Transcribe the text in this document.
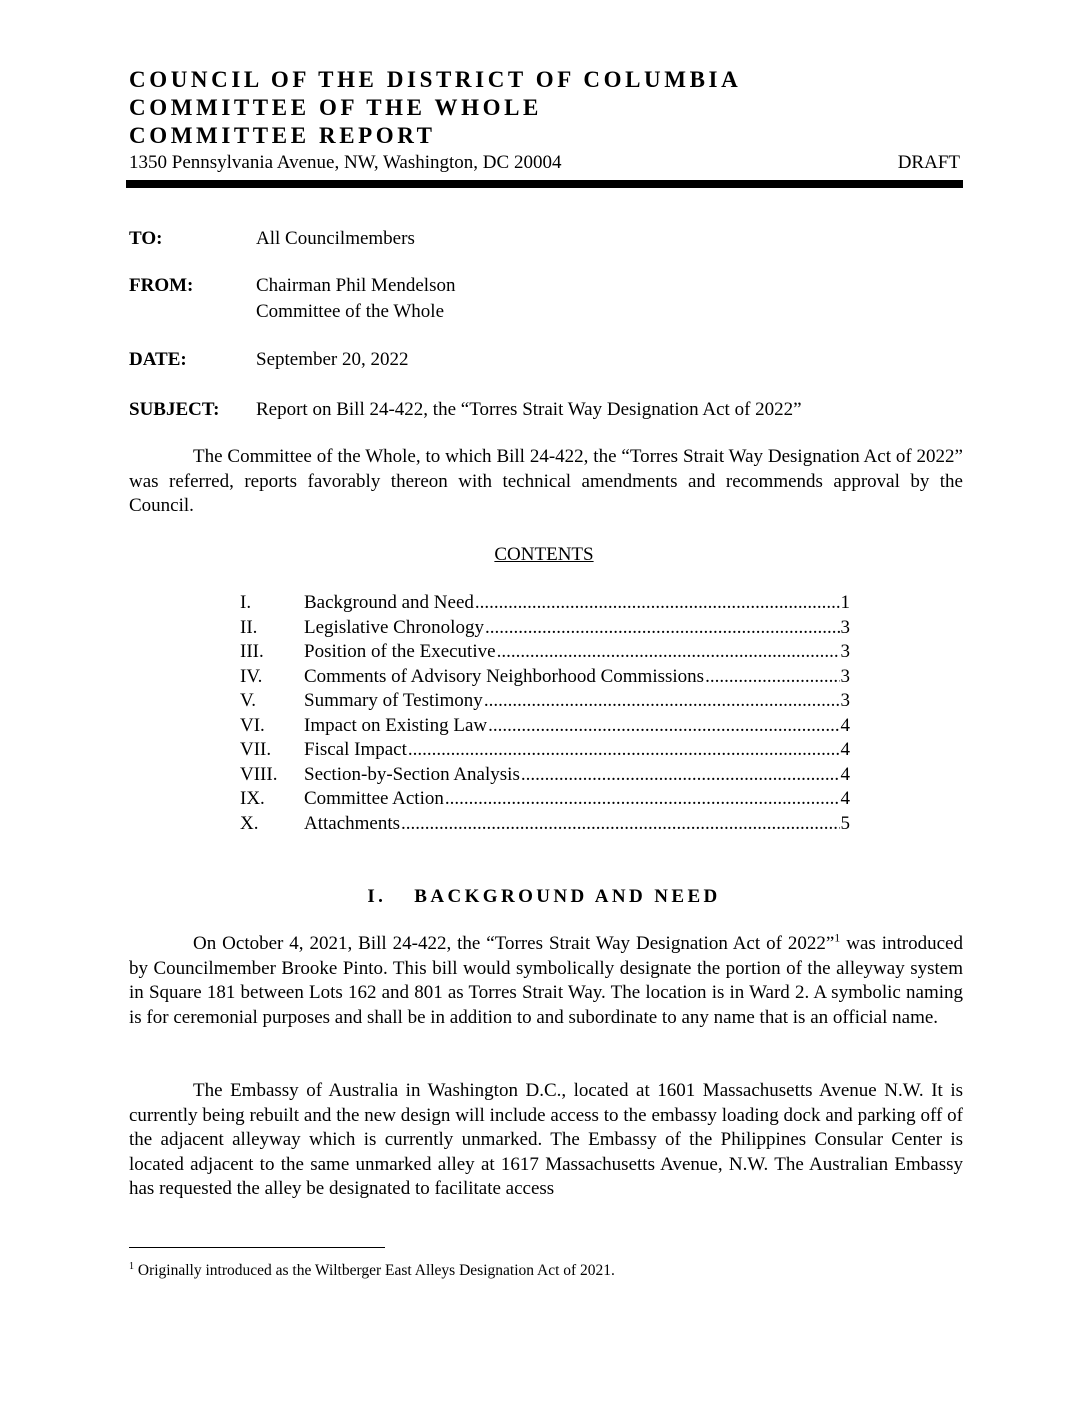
COUNCIL OF THE DISTRICT OF COLUMBIA
COMMITTEE OF THE WHOLE
COMMITTEE REPORT
1350 Pennsylvania Avenue, NW, Washington, DC 20004	DRAFT
TO:	All Councilmembers
FROM:	Chairman Phil Mendelson
Committee of the Whole
DATE:	September 20, 2022
SUBJECT: Report on Bill 24-422, the “Torres Strait Way Designation Act of 2022”
The Committee of the Whole, to which Bill 24-422, the “Torres Strait Way Designation Act of 2022” was referred, reports favorably thereon with technical amendments and recommends approval by the Council.
CONTENTS
I.	Background and Need .....	1
II. Legislative Chronology .....	3
III. Position of the Executive .....	3
IV. Comments of Advisory Neighborhood Commissions .....	3
V.	Summary of Testimony .....	3
VI. Impact on Existing Law .....	4
VII. Fiscal Impact .....	4
VIII. Section-by-Section Analysis .....	4
IX. Committee Action .....	4
X. Attachments .....	5
I. BACKGROUND AND NEED
On October 4, 2021, Bill 24-422, the “Torres Strait Way Designation Act of 2022”$^1$ was introduced by Councilmember Brooke Pinto. This bill would symbolically designate the portion of the alleyway system in Square 181 between Lots 162 and 801 as Torres Strait Way. The location is in Ward 2. A symbolic naming is for ceremonial purposes and shall be in addition to and subordinate to any name that is an official name.
The Embassy of Australia in Washington D.C., located at 1601 Massachusetts Avenue N.W. It is currently being rebuilt and the new design will include access to the embassy loading dock and parking off of the adjacent alleyway which is currently unmarked. The Embassy of the Philippines Consular Center is located adjacent to the same unmarked alley at 1617 Massachusetts Avenue, N.W. The Australian Embassy has requested the alley be designated to facilitate access
$^1$ Originally introduced as the Wiltberger East Alleys Designation Act of 2021.
